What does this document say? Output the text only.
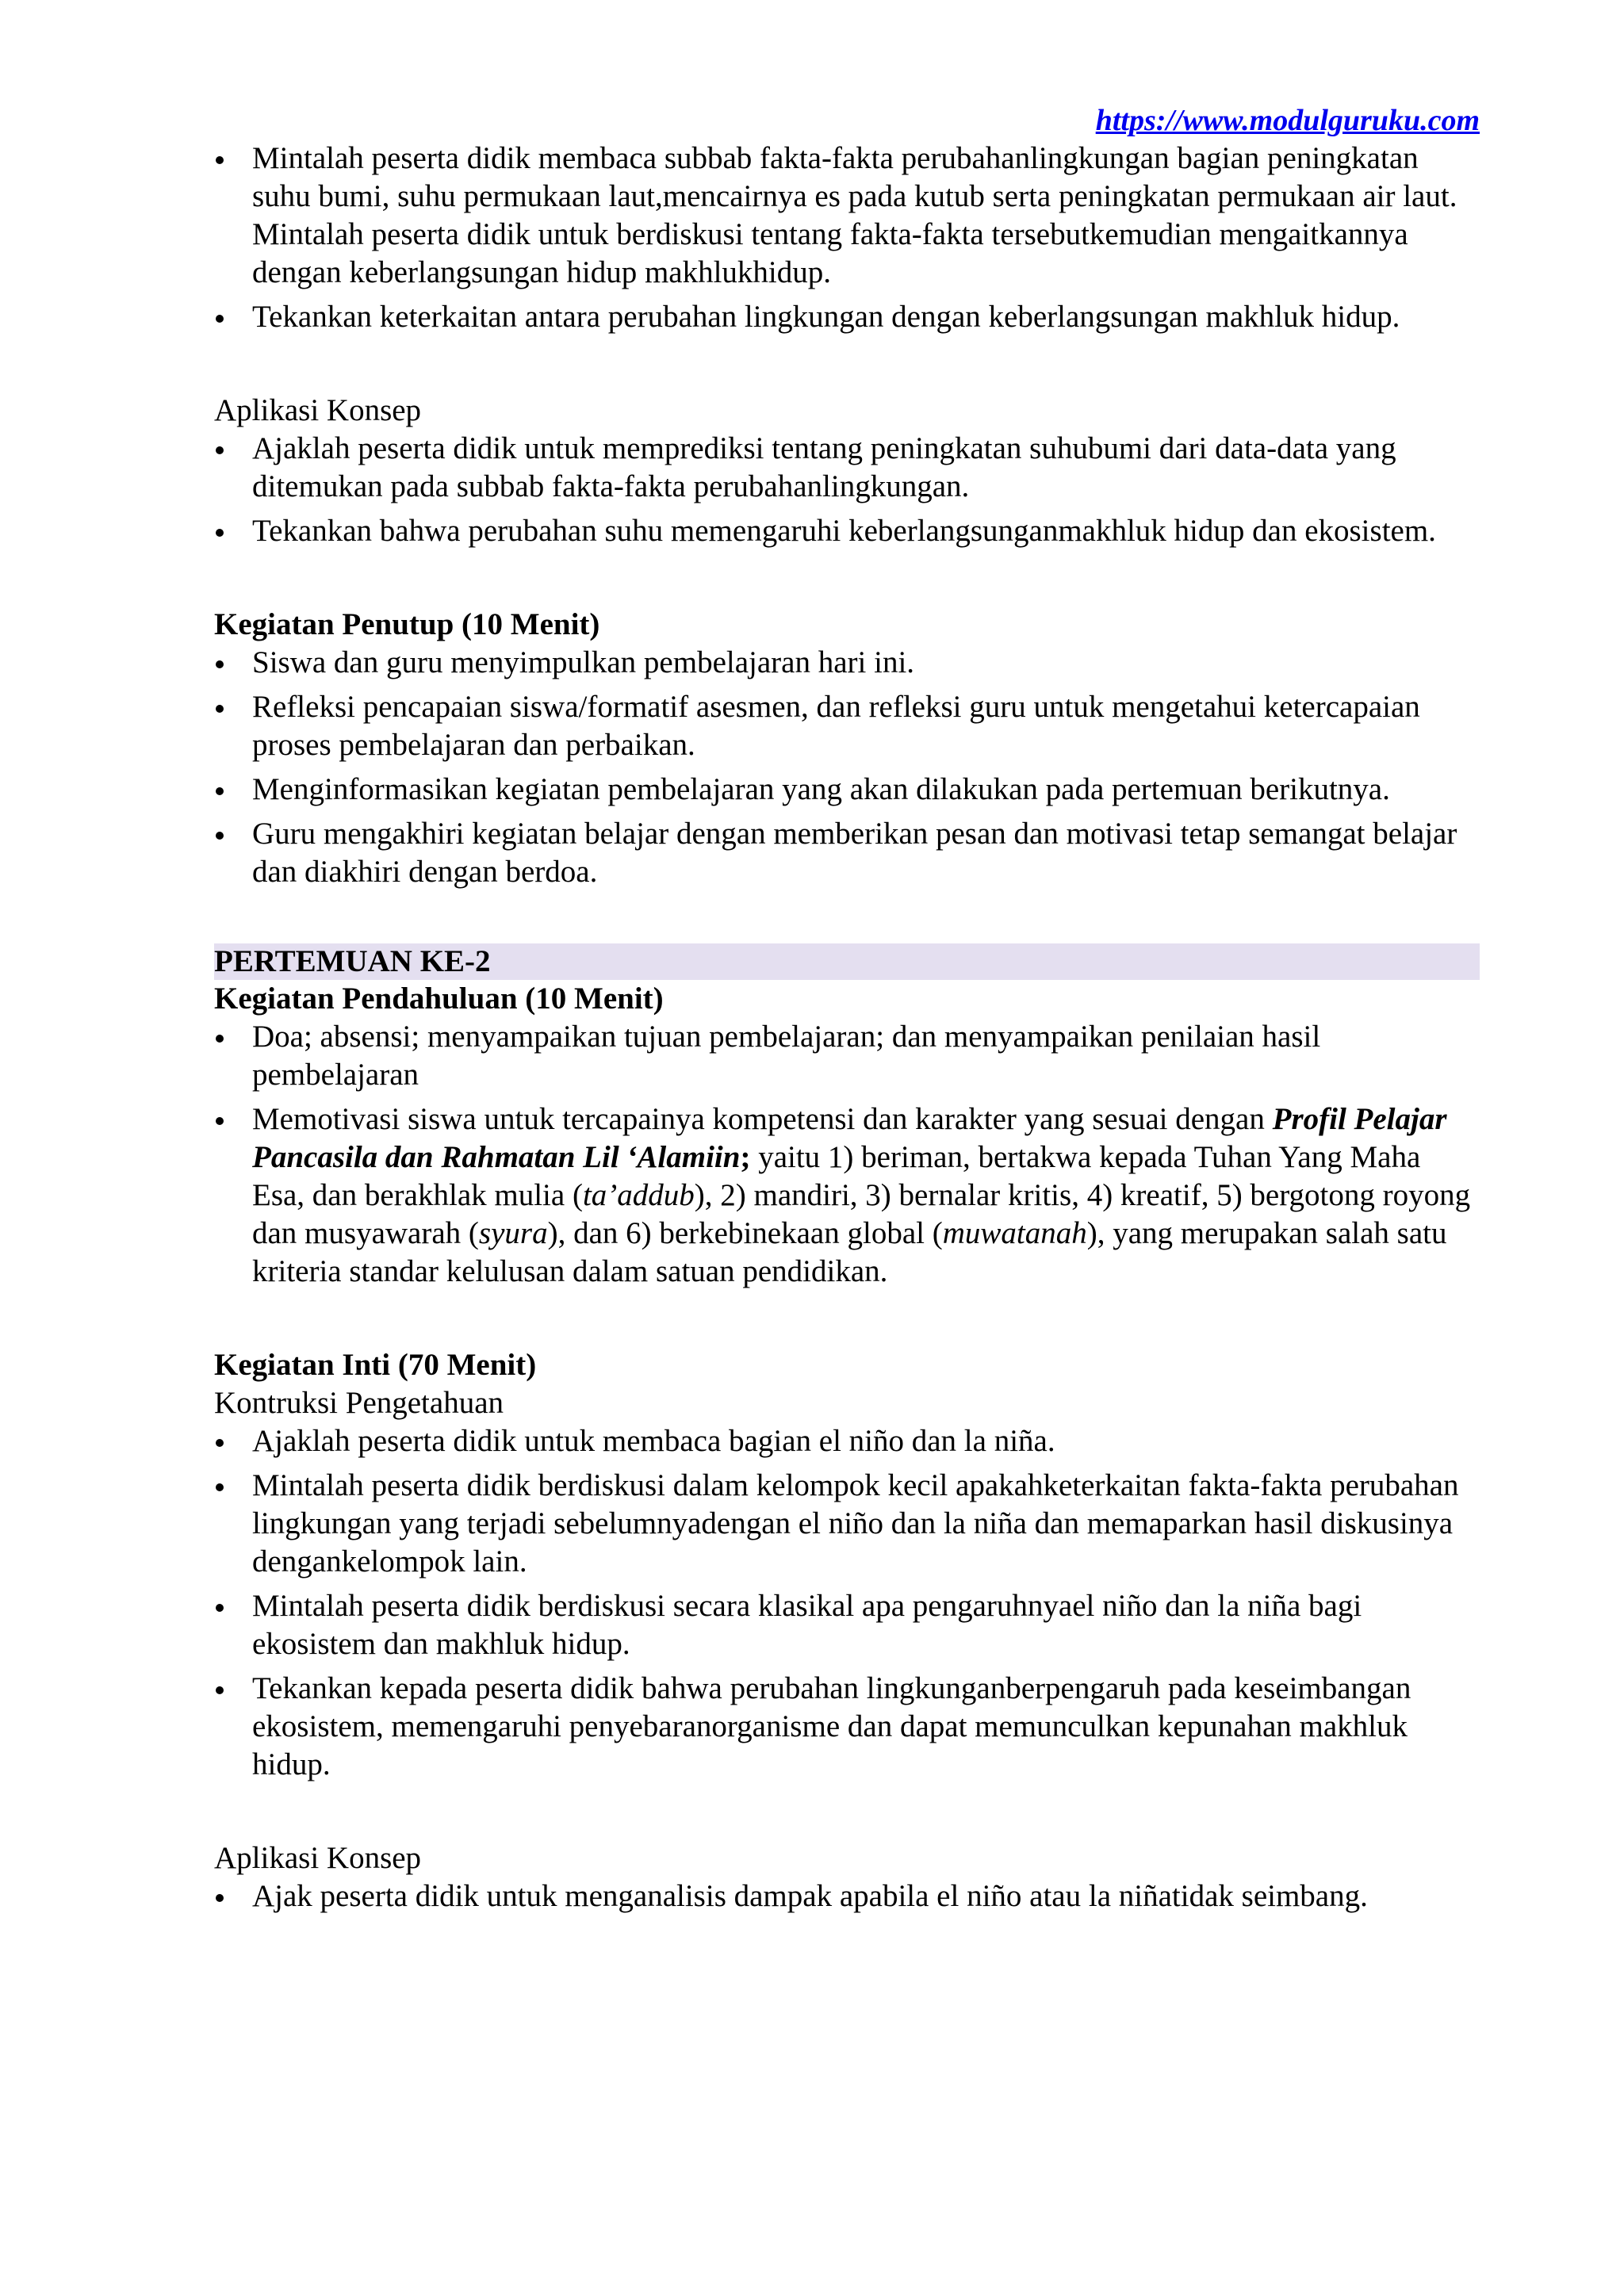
https://www.modulguruku.com
Mintalah peserta didik membaca subbab fakta-fakta perubahanlingkungan bagian peningkatan suhu bumi, suhu permukaan laut,mencairnya es pada kutub serta peningkatan permukaan air laut. Mintalah peserta didik untuk berdiskusi tentang fakta-fakta tersebutkemudian mengaitkannya dengan keberlangsungan hidup makhlukhidup.
Tekankan keterkaitan antara perubahan lingkungan dengan keberlangsungan makhluk hidup.

Aplikasi Konsep

Ajaklah peserta didik untuk memprediksi tentang peningkatan suhubumi dari data-data yang ditemukan pada subbab fakta-fakta perubahanlingkungan.
Tekankan bahwa perubahan suhu memengaruhi keberlangsunganmakhluk hidup dan ekosistem.

Kegiatan Penutup (10 Menit)

Siswa dan guru menyimpulkan pembelajaran hari ini.
Refleksi pencapaian siswa/formatif asesmen, dan refleksi guru untuk mengetahui ketercapaian proses pembelajaran dan perbaikan.
Menginformasikan kegiatan pembelajaran yang akan dilakukan pada pertemuan berikutnya.
Guru mengakhiri kegiatan belajar dengan memberikan pesan dan motivasi tetap semangat belajar dan diakhiri dengan berdoa.

PERTEMUAN KE-2

Kegiatan Pendahuluan (10 Menit)

Doa; absensi; menyampaikan tujuan pembelajaran; dan menyampaikan penilaian hasil pembelajaran
Memotivasi siswa untuk tercapainya kompetensi dan karakter yang sesuai dengan Profil Pelajar Pancasila dan Rahmatan Lil ‘Alamiin; yaitu 1) beriman, bertakwa kepada Tuhan Yang Maha Esa, dan berakhlak mulia (ta’addub), 2) mandiri, 3) bernalar kritis, 4) kreatif, 5) bergotong royong dan musyawarah (syura), dan 6) berkebinekaan global (muwatanah), yang merupakan salah satu kriteria standar kelulusan dalam satuan pendidikan.

Kegiatan Inti (70 Menit)

Kontruksi Pengetahuan

Ajaklah peserta didik untuk membaca bagian el niño dan la niña.
Mintalah peserta didik berdiskusi dalam kelompok kecil apakahketerkaitan fakta-fakta perubahan lingkungan yang terjadi sebelumnyadengan el niño dan la niña dan memaparkan hasil diskusinya dengankelompok lain.
Mintalah peserta didik berdiskusi secara klasikal apa pengaruhnyael niño dan la niña bagi ekosistem dan makhluk hidup.
Tekankan kepada peserta didik bahwa perubahan lingkunganberpengaruh pada keseimbangan ekosistem, memengaruhi penyebaranorganisme dan dapat memunculkan kepunahan makhluk hidup.

Aplikasi Konsep

Ajak peserta didik untuk menganalisis dampak apabila el niño atau la niñatidak seimbang.
